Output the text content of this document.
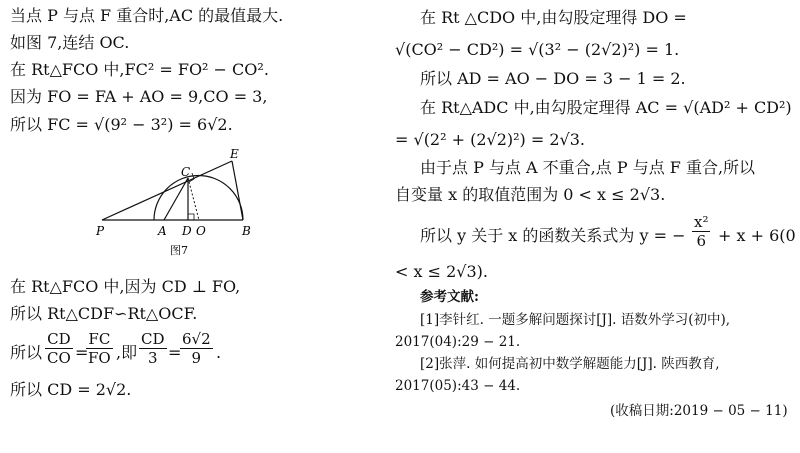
当点 P 与点 F 重合时,AC 的最值最大.
如图 7,连结 OC.
在 Rt△FCO 中,FC² = FO² − CO².
因为 FO = FA + AO = 9,CO = 3,
所以 FC = √(9² − 3²) = 6√2.
P	A D O	B
C
E
图7
在 Rt△FCO 中,因为 CD ⊥ FO,
所以 Rt△CDF∽Rt△OCF.
所以 $\frac{CD}{CO}$ =
$\frac{FC}{FO}$ ,即 $\frac{CD}{3}$ =
$\frac{6√2}{9}$ .
所以 CD = 2√2.
在 Rt △CDO 中,由勾股定理得 DO =
√(CO² − CD²) = √(3² − (2√2)²) = 1.
所以 AD = AO − DO = 3 − 1 = 2.
在 Rt△ADC 中,由勾股定理得 AC = √(AD² + CD²)
= √(2² + (2√2)²) = 2√3.
由于点 P 与点 A 不重合,点 P 与点 F 重合,所以
自变量 x 的取值范围为 0 < x ≤ 2√3.
所以 y 关于 x 的函数关系式为 y = − $\frac{\text{x²}}{6} + x + 6(0$
< x ≤ 2√3).
参考文献:
[1]李针红. 一题多解问题探讨[J]. 语数外学习(初中),
2017(04):29 − 21.
[2]张萍. 如何提高初中数学解题能力[J]. 陕西教育,
2017(05):43 − 44.
(收稿日期:2019 − 05 − 11)
